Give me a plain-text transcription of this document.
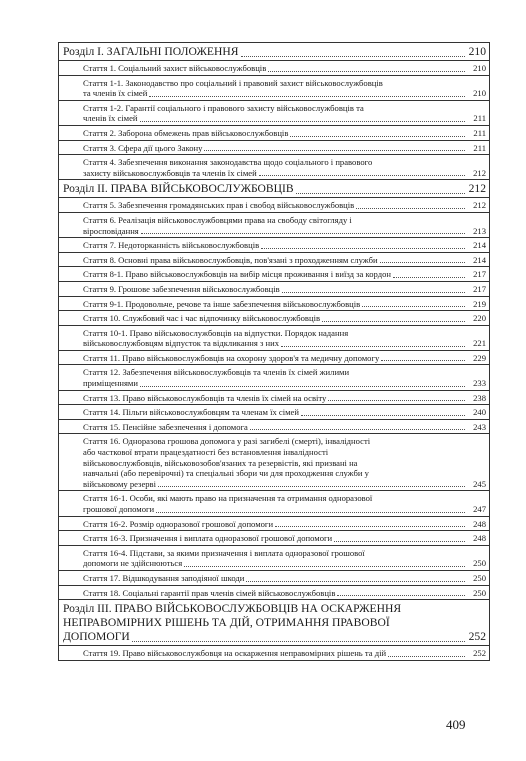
Розділ I. ЗАГАЛЬНІ ПОЛОЖЕННЯ	210
Стаття 1. Соціальний захист військовослужбовців	210
Стаття 1-1. Законодавство про соціальний і правовий захист військовослужбовців
та членів їх сімей	210
Стаття 1-2. Гарантії соціального і правового захисту військовослужбовців та
членів їх сімей	211
Стаття 2. Заборона обмежень прав військовослужбовців	211
Стаття 3. Сфера дії цього Закону	211
Стаття 4. Забезпечення виконання законодавства щодо соціального і правового
захисту військовослужбовців та членів їх сімей	212
Розділ II. ПРАВА ВІЙСЬКОВОСЛУЖБОВЦІВ	212
Стаття 5. Забезпечення громадянських прав і свобод військовослужбовців	212
Стаття 6. Реалізація військовослужбовцями права на свободу світогляду і
віросповідання	213
Стаття 7. Недоторканність військовослужбовців	214
Стаття 8. Основні права військовослужбовців, пов'язані з проходженням служби	214
Стаття 8-1. Право військовослужбовців на вибір місця проживання і виїзд за кордон	217
Стаття 9. Грошове забезпечення військовослужбовців	217
Стаття 9-1. Продовольче, речове та інше забезпечення військовослужбовців	219
Стаття 10. Службовий час і час відпочинку військовослужбовців	220
Стаття 10-1. Право військовослужбовців на відпустки. Порядок надання
військовослужбовцям відпусток та відкликання з них	221
Стаття 11. Право військовослужбовців на охорону здоров'я та медичну допомогу	229
Стаття 12. Забезпечення військовослужбовців та членів їх сімей жилими
приміщеннями	233
Стаття 13. Право військовослужбовців та членів їх сімей на освіту	238
Стаття 14. Пільги військовослужбовцям та членам їх сімей	240
Стаття 15. Пенсійне забезпечення і допомога	243
Стаття 16. Одноразова грошова допомога у разі загибелі (смерті), інвалідності
або часткової втрати працездатності без встановлення інвалідності
військовослужбовців, військовозобов'язаних та резервістів, які призвані на
навчальні (або перевірочні) та спеціальні збори чи для проходження служби у
військовому резерві	245
Стаття 16-1. Особи, які мають право на призначення та отримання одноразової
грошової допомоги	247
Стаття 16-2. Розмір одноразової грошової допомоги	248
Стаття 16-3. Призначення і виплата одноразової грошової допомоги	248
Стаття 16-4. Підстави, за якими призначення і виплата одноразової грошової
допомоги не здійснюються	250
Стаття 17. Відшкодування заподіяної шкоди	250
Стаття 18. Соціальні гарантії прав членів сімей військовослужбовців	250
Розділ III. ПРАВО ВІЙСЬКОВОСЛУЖБОВЦІВ НА ОСКАРЖЕННЯ
НЕПРАВОМІРНИХ РІШЕНЬ ТА ДІЙ, ОТРИМАННЯ ПРАВОВОЇ
ДОПОМОГИ	252
Стаття 19. Право військовослужбовця на оскарження неправомірних рішень та дій	252
409
